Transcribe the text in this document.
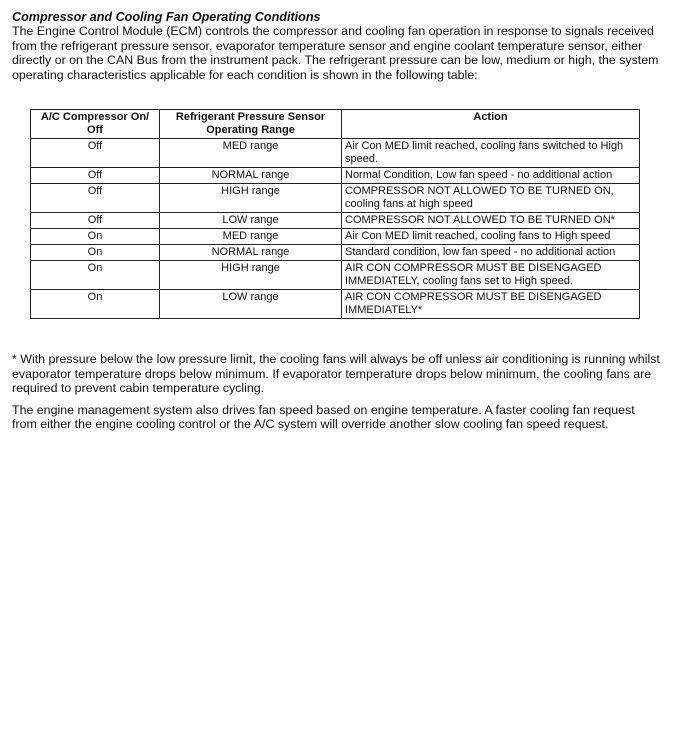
Compressor and Cooling Fan Operating Conditions

The Engine Control Module (ECM) controls the compressor and cooling fan operation in response to signals received from the refrigerant pressure sensor, evaporator temperature sensor and engine coolant temperature sensor, either directly or on the CAN Bus from the instrument pack. The refrigerant pressure can be low, medium or high, the system operating characteristics applicable for each condition is shown in the following table:

A/C Compressor On/ Off	Refrigerant Pressure Sensor Operating Range	Action
Off	MED range	Air Con MED limit reached, cooling fans switched to High speed.
Off	NORMAL range	Normal Condition, Low fan speed - no additional action
Off	HIGH range	COMPRESSOR NOT ALLOWED TO BE TURNED ON, cooling fans at high speed
Off	LOW range	COMPRESSOR NOT ALLOWED TO BE TURNED ON*
On	MED range	Air Con MED limit reached, cooling fans to High speed
On	NORMAL range	Standard condition, low fan speed - no additional action
On	HIGH range	AIR CON COMPRESSOR MUST BE DISENGAGED IMMEDIATELY, cooling fans set to High speed.
On	LOW range	AIR CON COMPRESSOR MUST BE DISENGAGED IMMEDIATELY*

* With pressure below the low pressure limit, the cooling fans will always be off unless air conditioning is running whilst evaporator temperature drops below minimum. If evaporator temperature drops below minimum, the cooling fans are required to prevent cabin temperature cycling.

The engine management system also drives fan speed based on engine temperature. A faster cooling fan request from either the engine cooling control or the A/C system will override another slow cooling fan speed request.
